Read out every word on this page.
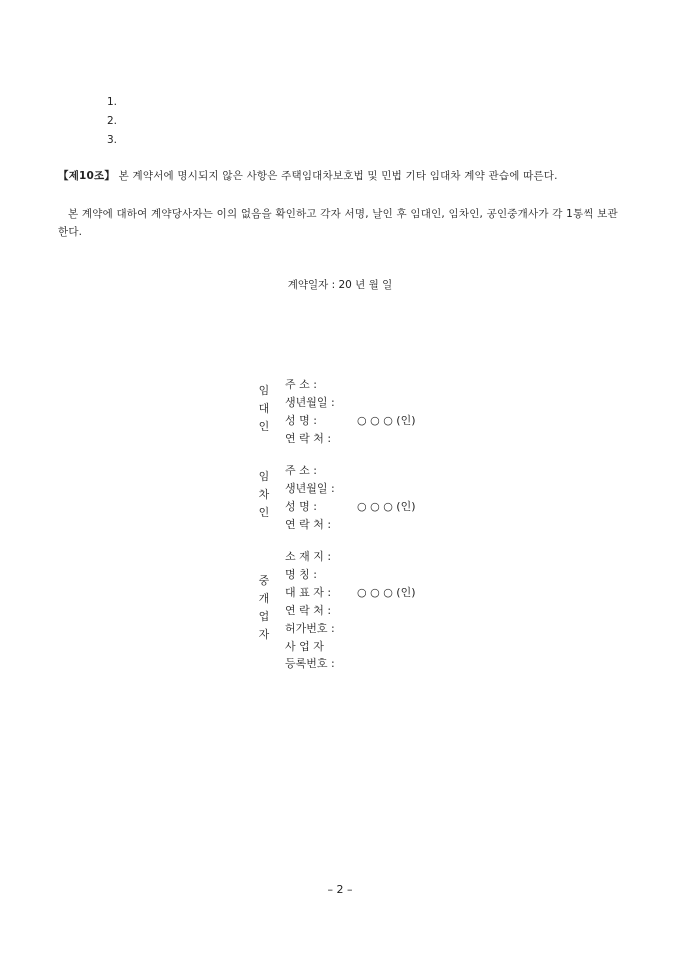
1.
2.
3.
【제10조】 본 계약서에 명시되지 않은 사항은 주택임대차보호법 및 민법 기타 임대차 계약 관습에 따른다.
본 계약에 대하여 계약당사자는 이의 없음을 확인하고 각자 서명, 날인 후 임대인, 임차인, 공인중개사가 각 1통씩 보관한다.
계약일자 : 20 년 월 일
임
대
인
주 소 :
생년월일 :
성 명 :	○ ○ ○ (인)
연 락 처 :
임
차
인
주 소 :
생년월일 :
성 명 :	○ ○ ○ (인)
연 락 처 :
중
개
업
자
소 재 지 :
명 칭 :
대 표 자 : ○ ○ ○ (인)
연 락 처 :
허가번호 :
사 업 자
등록번호 :
– 2 –
